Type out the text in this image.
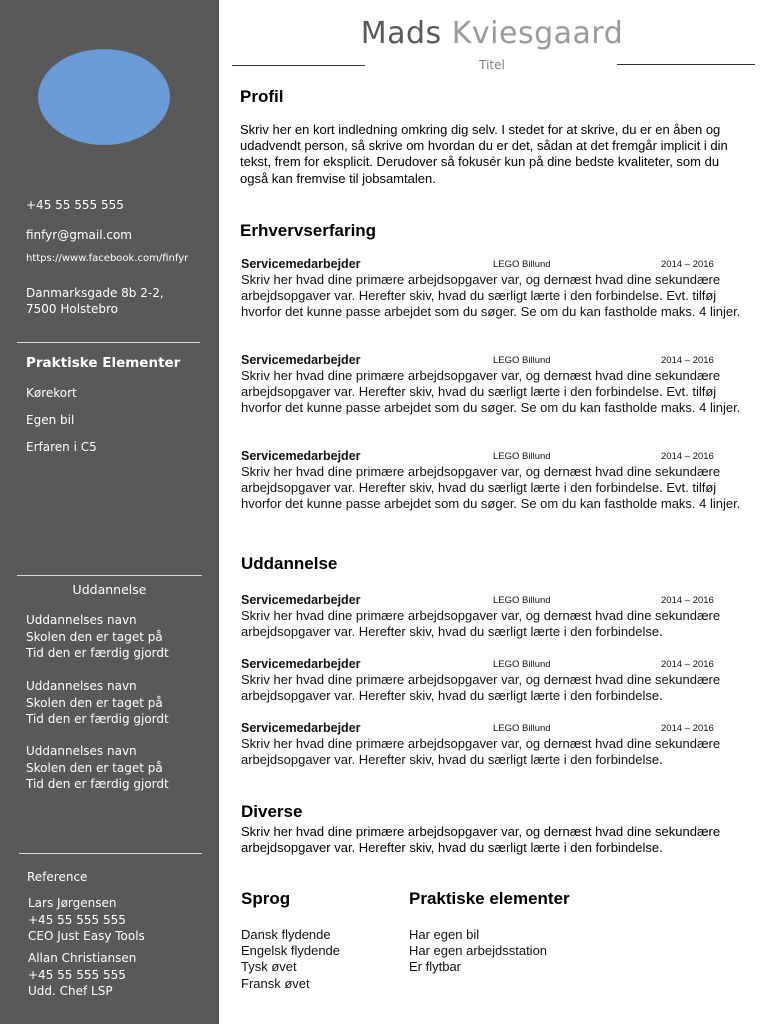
+45 55 555 555
finfyr@gmail.com
https://www.facebook.com/finfyr
Danmarksgade 8b 2-2,
7500 Holstebro
Praktiske Elementer
Kørekort
Egen bil
Erfaren i C5
Uddannelse
Uddannelses navn
Skolen den er taget på
Tid den er færdig gjordt
Uddannelses navn
Skolen den er taget på
Tid den er færdig gjordt
Uddannelses navn
Skolen den er taget på
Tid den er færdig gjordt
Reference
Lars Jørgensen
+45 55 555 555
CEO Just Easy Tools
Allan Christiansen
+45 55 555 555
Udd. Chef LSP
Mads Kviesgaard
Titel
Profil
Skriv her en kort indledning omkring dig selv. I stedet for at skrive, du er en åben og udadvendt person, så skrive om hvordan du er det, sådan at det fremgår implicit i din tekst, frem for eksplicit. Derudover så fokusér kun på dine bedste kvaliteter, som du også kan fremvise til jobsamtalen.
Erhvervserfaring
Servicemedarbejder	LEGO Billund	2014 – 2016
Skriv her hvad dine primære arbejdsopgaver var, og dernæst hvad dine sekundære arbejdsopgaver var. Herefter skiv, hvad du særligt lærte i den forbindelse. Evt. tilføj hvorfor det kunne passe arbejdet som du søger. Se om du kan fastholde maks. 4 linjer.
Servicemedarbejder	LEGO Billund	2014 – 2016
Skriv her hvad dine primære arbejdsopgaver var, og dernæst hvad dine sekundære arbejdsopgaver var. Herefter skiv, hvad du særligt lærte i den forbindelse. Evt. tilføj hvorfor det kunne passe arbejdet som du søger. Se om du kan fastholde maks. 4 linjer.
Servicemedarbejder	LEGO Billund	2014 – 2016
Skriv her hvad dine primære arbejdsopgaver var, og dernæst hvad dine sekundære arbejdsopgaver var. Herefter skiv, hvad du særligt lærte i den forbindelse. Evt. tilføj hvorfor det kunne passe arbejdet som du søger. Se om du kan fastholde maks. 4 linjer.
Uddannelse
Servicemedarbejder	LEGO Billund	2014 – 2016
Skriv her hvad dine primære arbejdsopgaver var, og dernæst hvad dine sekundære arbejdsopgaver var. Herefter skiv, hvad du særligt lærte i den forbindelse.
Servicemedarbejder	LEGO Billund	2014 – 2016
Skriv her hvad dine primære arbejdsopgaver var, og dernæst hvad dine sekundære arbejdsopgaver var. Herefter skiv, hvad du særligt lærte i den forbindelse.
Servicemedarbejder	LEGO Billund	2014 – 2016
Skriv her hvad dine primære arbejdsopgaver var, og dernæst hvad dine sekundære arbejdsopgaver var. Herefter skiv, hvad du særligt lærte i den forbindelse.
Diverse
Skriv her hvad dine primære arbejdsopgaver var, og dernæst hvad dine sekundære arbejdsopgaver var. Herefter skiv, hvad du særligt lærte i den forbindelse.
Sprog
Dansk flydende
Engelsk flydende
Tysk øvet
Fransk øvet
Praktiske elementer
Har egen bil
Har egen arbejdsstation
Er flytbar
